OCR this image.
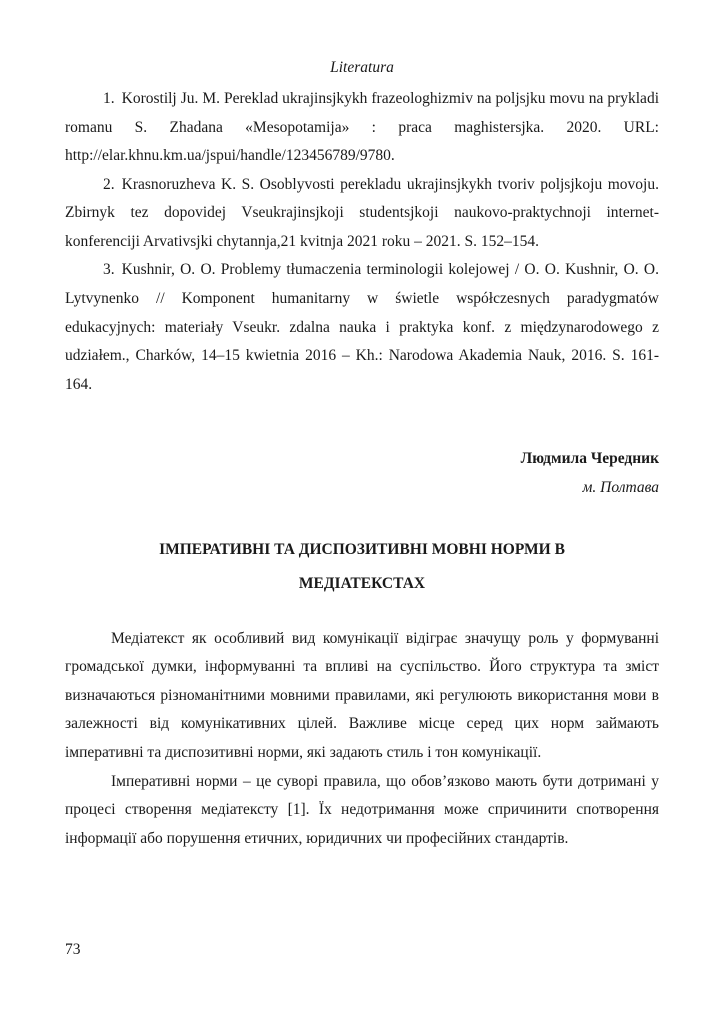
Literatura

1. Korostilj Ju. M. Pereklad ukrajinsjkykh frazeologhizmiv na poljsjku movu na prykladi romanu S. Zhadana «Mesopotamija» : praca maghistersjka. 2020. URL: http://elar.khnu.km.ua/jspui/handle/123456789/9780.

2. Krasnoruzheva K. S. Osoblyvosti perekladu ukrajinsjkykh tvoriv poljsjkoju movoju. Zbirnyk tez dopovidej Vseukrajinsjkoji studentsjkoji naukovo-praktychnoji internet-konferenciji Arvativsjki chytannja,21 kvitnja 2021 roku – 2021. S. 152–154.

3. Kushnir, O. O. Problemy tłumaczenia terminologii kolejowej / O. O. Kushnir, O. O. Lytvynenko // Komponent humanitarny w świetle współczesnych paradygmatów edukacyjnych: materiały Vseukr. zdalna nauka i praktyka konf. z międzynarodowego z udziałem., Charków, 14–15 kwietnia 2016 – Kh.: Narodowa Akademia Nauk, 2016. S. 161-164.

Людмила Чередник
м. Полтава
ІМПЕРАТИВНІ ТА ДИСПОЗИТИВНІ МОВНІ НОРМИ В МЕДІАТЕКСТАХ

Медіатекст як особливий вид комунікації відіграє значущу роль у формуванні громадської думки, інформуванні та впливі на суспільство. Його структура та зміст визначаються різноманітними мовними правилами, які регулюють використання мови в залежності від комунікативних цілей. Важливе місце серед цих норм займають імперативні та диспозитивні норми, які задають стиль і тон комунікації.

Імперативні норми – це суворі правила, що обов’язково мають бути дотримані у процесі створення медіатексту [1]. Їх недотримання може спричинити спотворення інформації або порушення етичних, юридичних чи професійних стандартів.

73
